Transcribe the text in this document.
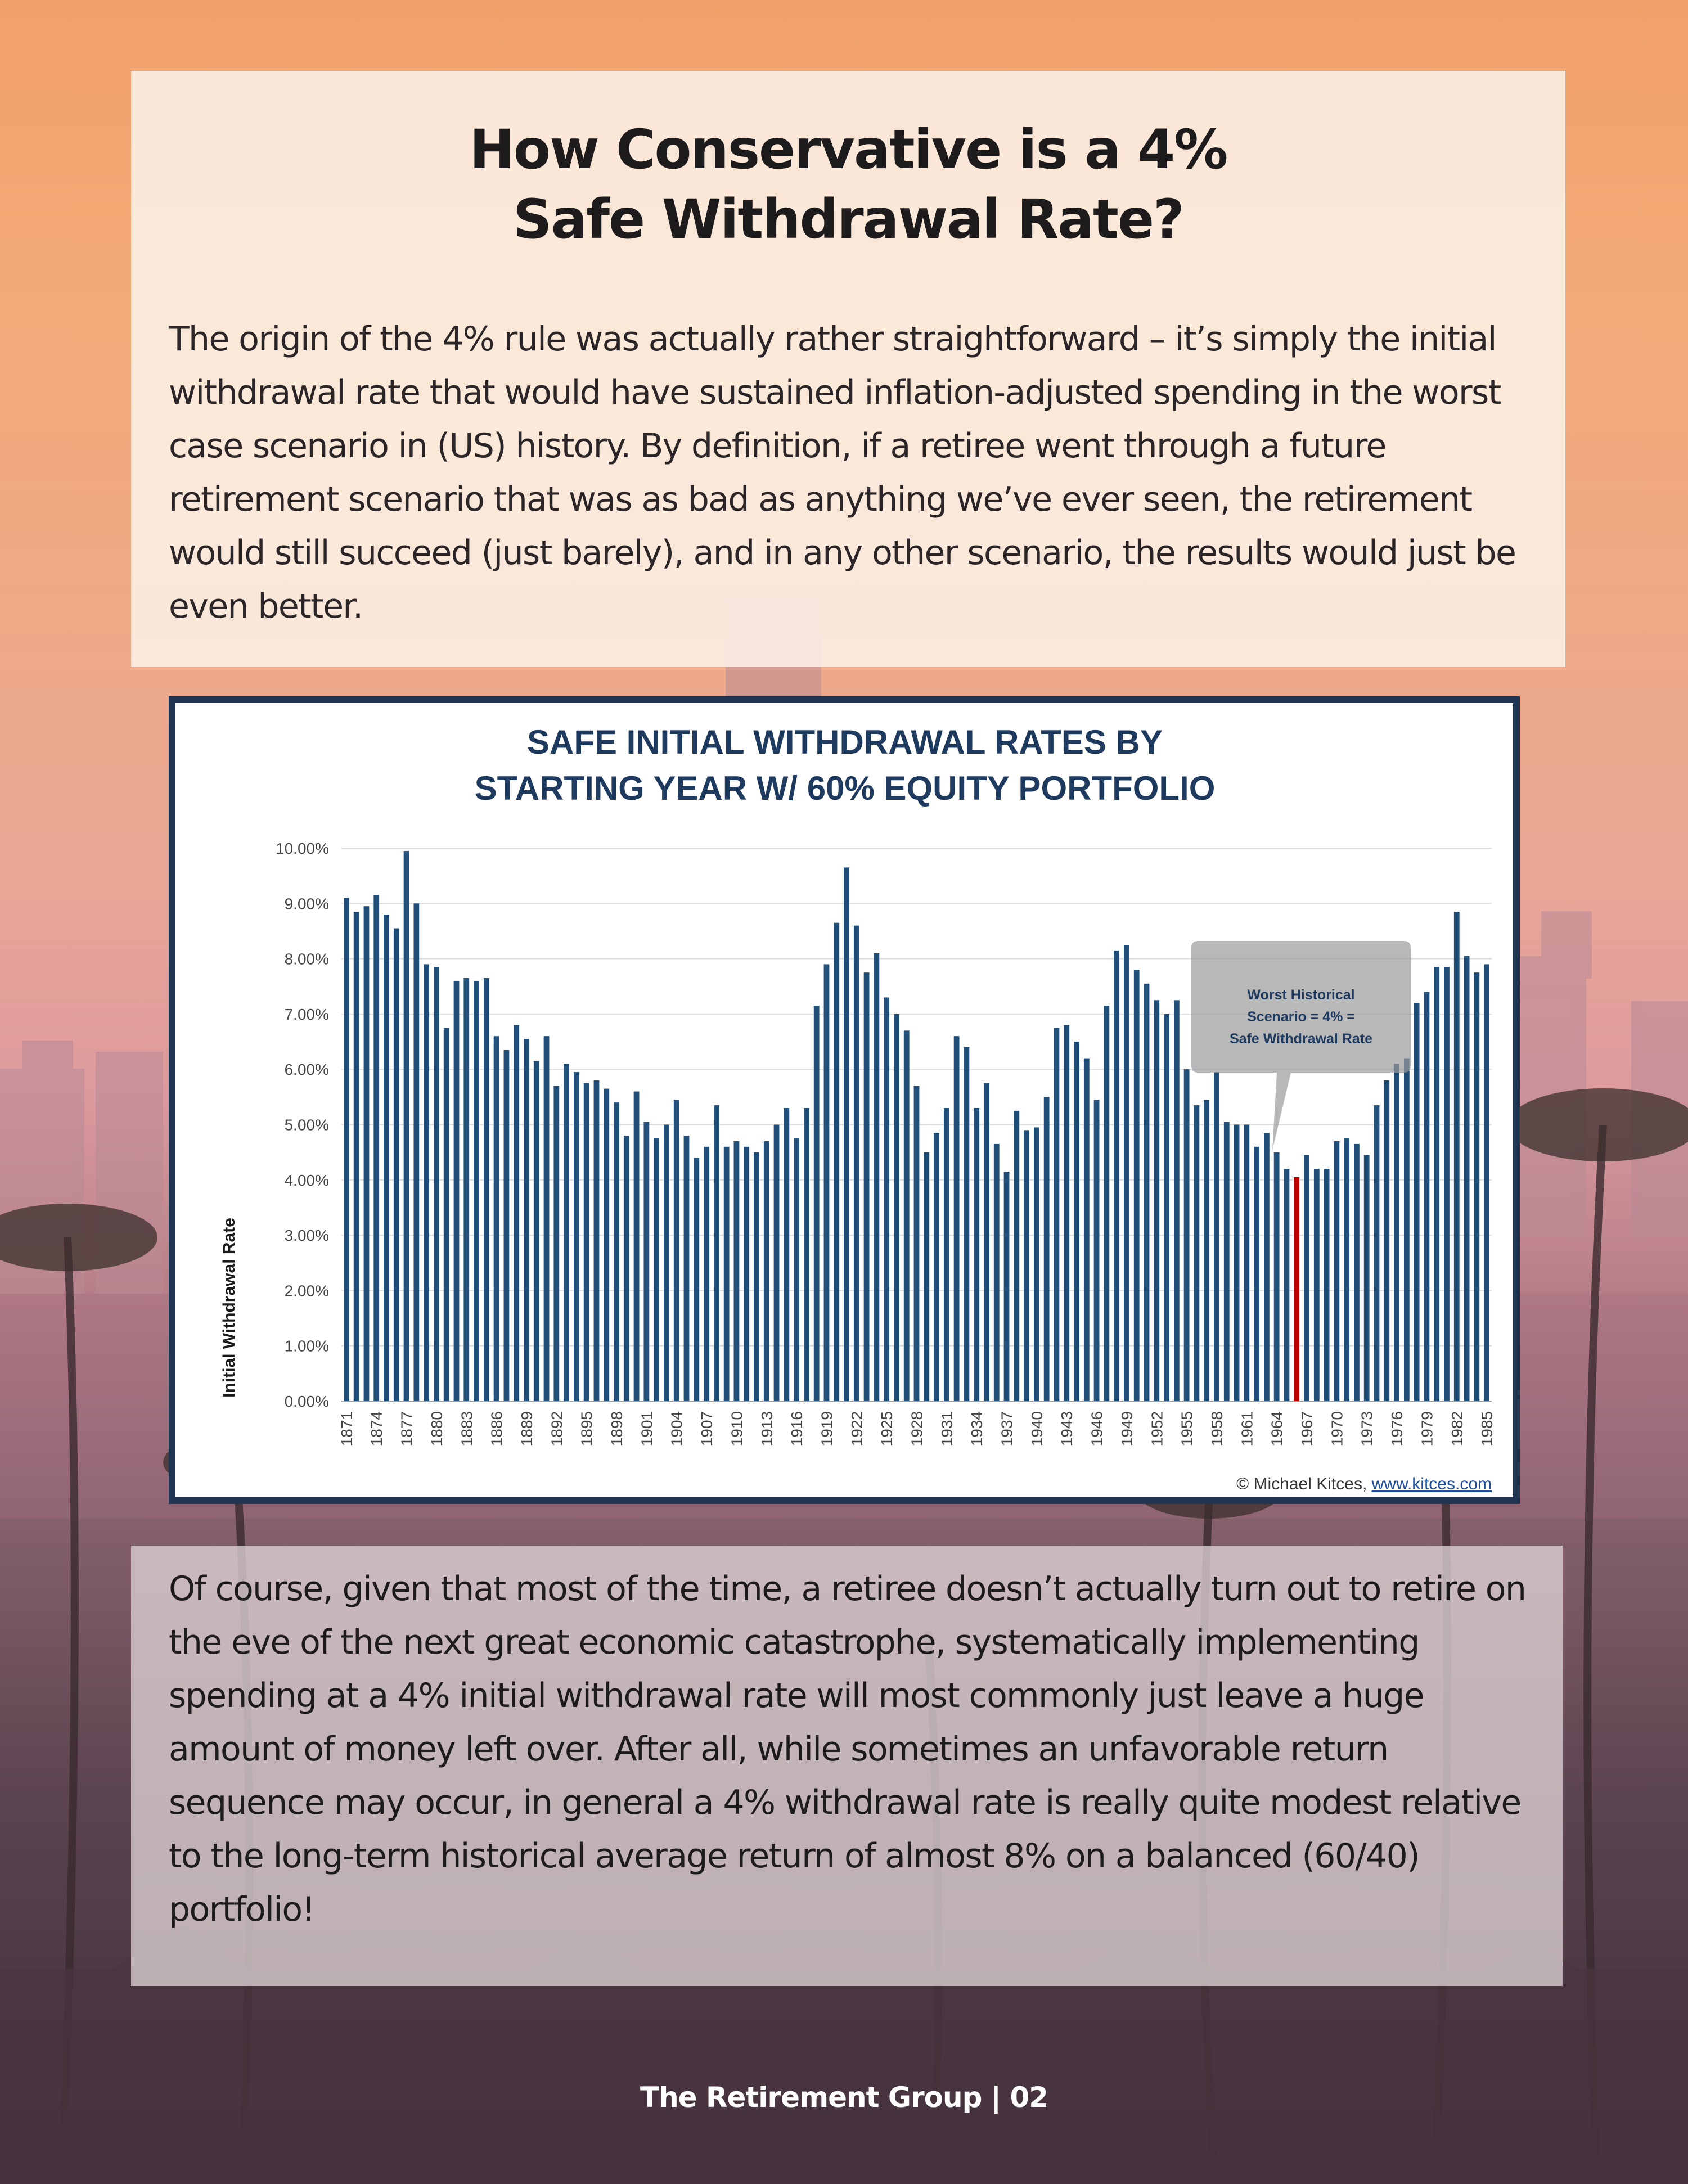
How Conservative is a 4%
Safe Withdrawal Rate?
The origin of the 4% rule was actually rather straightforward – it’s simply the initial withdrawal rate that would have sustained inflation-adjusted spending in the worst case scenario in (US) history. By definition, if a retiree went through a future retirement scenario that was as bad as anything we’ve ever seen, the retirement would still succeed (just barely), and in any other scenario, the results would just be even better.
SAFE INITIAL WITHDRAWAL RATES BY
STARTING YEAR W/ 60% EQUITY PORTFOLIO
0.00%
1.00%
2.00%
3.00%
4.00%
5.00%
6.00%
7.00%
8.00%
9.00%
10.00%
1871 1874 1877 1880 1883 1886 1889 1892 1895 1898 1901 1904 1907 1910 1913 1916 1919 1922 1925 1928 1931 1934 1937 1940 1943 1946 1949 1952 1955 1958 1961 1964 1967 1970 1973 1976 1979 1982 1985
Initial Withdrawal Rate
Worst Historical
Scenario = 4% =
Safe Withdrawal Rate
© Michael Kitces, www.kitces.com
Of course, given that most of the time, a retiree doesn’t actually turn out to retire on the eve of the next great economic catastrophe, systematically implementing spending at a 4% initial withdrawal rate will most commonly just leave a huge amount of money left over. After all, while sometimes an unfavorable return sequence may occur, in general a 4% withdrawal rate is really quite modest relative to the long-term historical average return of almost 8% on a balanced (60/40) portfolio!
The Retirement Group | 02
